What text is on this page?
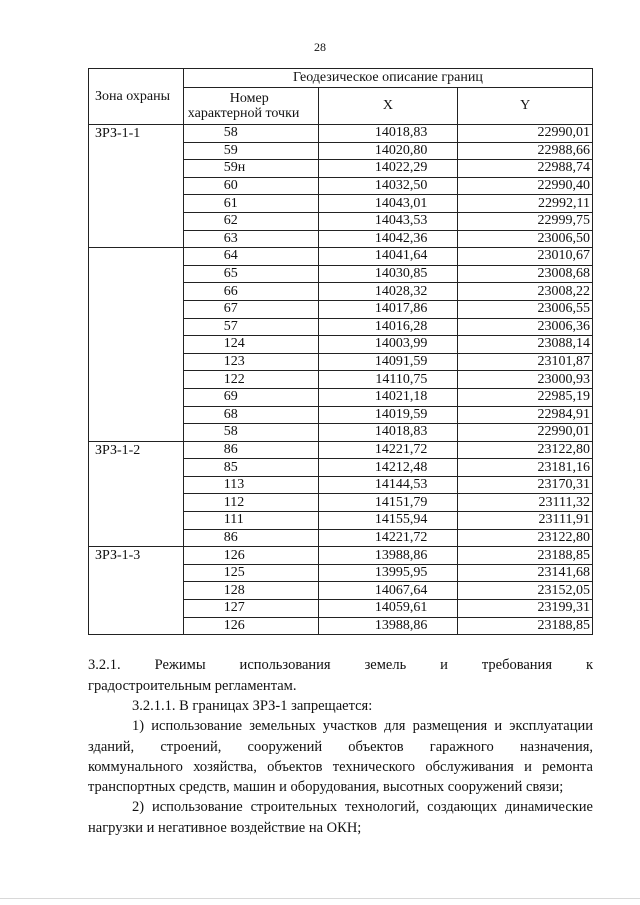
28
Зона охраны	Геодезическое описание границ		

	Номер
характерной точки	X	Y
ЗРЗ-1-1	58	14018,83	22990,01
	59	14020,80	22988,66
	59н	14022,29	22988,74
	60	14032,50	22990,40
	61	14043,01	22992,11
	62	14043,53	22999,75
	63	14042,36	23006,50
	64	14041,64	23010,67
	65	14030,85	23008,68
	66	14028,32	23008,22
	67	14017,86	23006,55
	57	14016,28	23006,36
	124	14003,99	23088,14
	123	14091,59	23101,87
	122	14110,75	23000,93
	69	14021,18	22985,19
	68	14019,59	22984,91
	58	14018,83	22990,01
ЗРЗ-1-2	86	14221,72	23122,80
	85	14212,48	23181,16
	113	14144,53	23170,31
	112	14151,79	23111,32
	111	14155,94	23111,91
	86	14221,72	23122,80
ЗРЗ-1-3	126	13988,86	23188,85
	125	13995,95	23141,68
	128	14067,64	23152,05
	127	14059,61	23199,31
	126	13988,86	23188,85
3.2.1. Режимы использования земель и требования к
градостроительным регламентам.
3.2.1.1. В границах ЗРЗ-1 запрещается:
1) использование земельных участков для размещения и эксплуатации
зданий, строений, сооружений объектов гаражного назначения,
коммунального хозяйства, объектов технического обслуживания и ремонта
транспортных средств, машин и оборудования, высотных сооружений связи;
2) использование строительных технологий, создающих динамические
нагрузки и негативное воздействие на ОКН;
